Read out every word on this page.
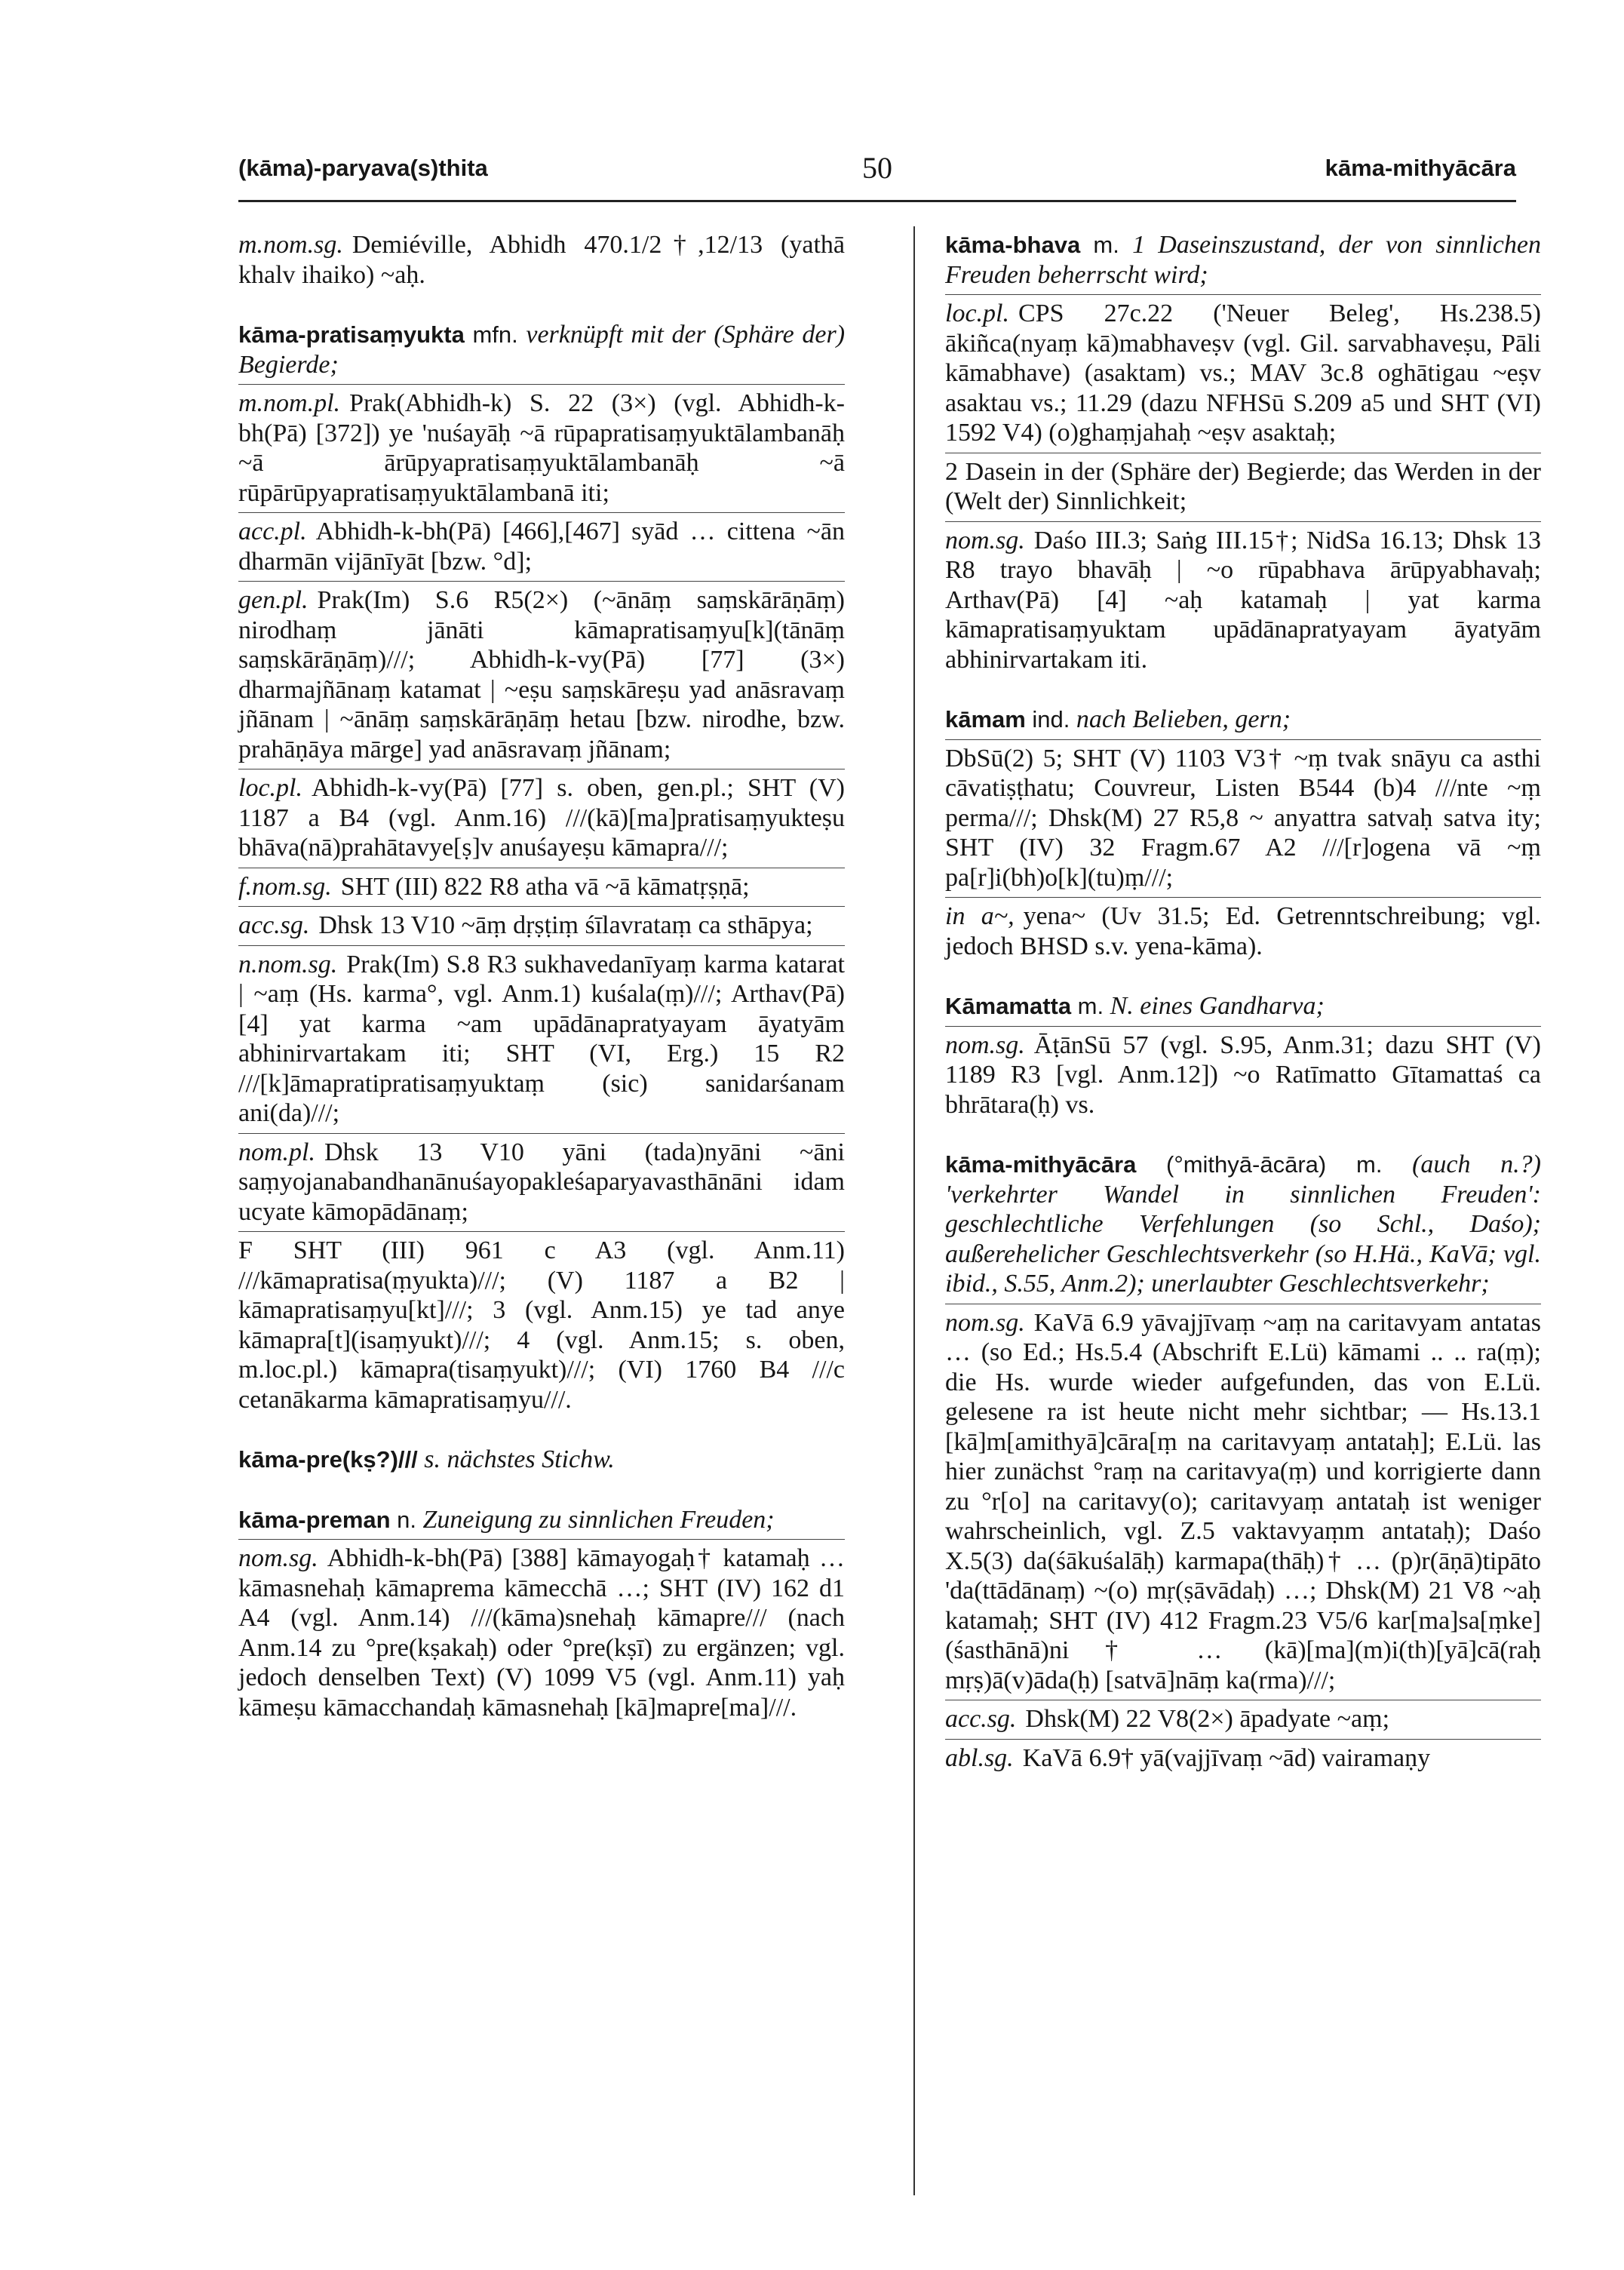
(kāma)-paryava(s)thita	50	kāma-mithyācāra

m.nom.sg. Demiéville, Abhidh 470.1/2†,12/13 (yathā khalv ihaiko) ~aḥ.

kāma-pratisaṃyukta mfn. verknüpft mit der (Sphäre der) Begierde;

m.nom.pl. Prak(Abhidh-k) S. 22 (3×) (vgl. Abhidh-k-bh(Pā) [372]) ye 'nuśayāḥ ~ā rūpapratisaṃyuktālambanāḥ ~ā ārūpyapratisaṃyuktālambanāḥ ~ā rūpārūpyapratisaṃyuktālambanā iti;

acc.pl. Abhidh-k-bh(Pā) [466],[467] syād … cittena ~ān dharmān vijānīyāt [bzw. °d];

gen.pl. Prak(Im) S.6 R5(2×) (~ānāṃ saṃskārāṇāṃ) nirodhaṃ jānāti kāmapratisaṃyu[k](tānāṃ saṃskārāṇāṃ)///; Abhidh-k-vy(Pā) [77] (3×) dharmajñānaṃ katamat | ~eṣu saṃskāreṣu yad anāsravaṃ jñānam | ~ānāṃ saṃskārāṇāṃ hetau [bzw. nirodhe, bzw. prahāṇāya mārge] yad anāsravaṃ jñānam;

loc.pl. Abhidh-k-vy(Pā) [77] s. oben, gen.pl.; SHT (V) 1187 a B4 (vgl. Anm.16) ///(kā)[ma]pratisaṃyukteṣu bhāva(nā)prahātavye[ṣ]v anuśayeṣu kāmapra///;

f.nom.sg. SHT (III) 822 R8 atha vā ~ā kāmatṛṣṇā;

acc.sg. Dhsk 13 V10 ~āṃ dṛṣṭiṃ śīlavrataṃ ca sthāpya;

n.nom.sg. Prak(Im) S.8 R3 sukhavedanīyaṃ karma katarat | ~aṃ (Hs. karma°, vgl. Anm.1) kuśala(ṃ)///; Arthav(Pā) [4] yat karma ~am upādānapratyayam āyatyām abhinirvartakam iti; SHT (VI, Erg.) 15 R2 ///[k]āmapratipratisaṃyuktaṃ (sic) sanidarśanam ani(da)///;

nom.pl. Dhsk 13 V10 yāni (tada)nyāni ~āni saṃyojanabandhanānuśayopakleśaparyavasthānāni idam ucyate kāmopādānaṃ;

F SHT (III) 961 c A3 (vgl. Anm.11) ///kāmapratisa(ṃyukta)///; (V) 1187 a B2 | kāmapratisaṃyu[kt]///; 3 (vgl. Anm.15) ye tad anye kāmapra[t](isaṃyukt)///; 4 (vgl. Anm.15; s. oben, m.loc.pl.) kāmapra(tisaṃyukt)///; (VI) 1760 B4 ///c cetanākarma kāmapratisaṃyu///.

kāma-pre(kṣ?)/// s. nächstes Stichw.

kāma-preman n. Zuneigung zu sinnlichen Freuden;

nom.sg. Abhidh-k-bh(Pā) [388] kāmayogaḥ† katamaḥ … kāmasnehaḥ kāmaprema kāmecchā …; SHT (IV) 162 d1 A4 (vgl. Anm.14) ///(kāma)snehaḥ kāmapre/// (nach Anm.14 zu °pre(kṣakaḥ) oder °pre(kṣī) zu ergänzen; vgl. jedoch denselben Text) (V) 1099 V5 (vgl. Anm.11) yaḥ kāmeṣu kāmacchandaḥ kāmasnehaḥ [kā]mapre[ma]///.

kāma-bhava m. 1 Daseinszustand, der von sinnlichen Freuden beherrscht wird;

loc.pl. CPS 27c.22 ('Neuer Beleg', Hs.238.5) ākiñca(nyaṃ kā)mabhaveṣv (vgl. Gil. sarvabhaveṣu, Pāli kāmabhave) (asaktam) vs.; MAV 3c.8 oghātigau ~eṣv asaktau vs.; 11.29 (dazu NFHSū S.209 a5 und SHT (VI) 1592 V4) (o)ghaṃjahaḥ ~eṣv asaktaḥ;

2 Dasein in der (Sphäre der) Begierde; das Werden in der (Welt der) Sinnlichkeit;

nom.sg. Daśo III.3; Saṅg III.15†; NidSa 16.13; Dhsk 13 R8 trayo bhavāḥ | ~o rūpabhava ārūpyabhavaḥ; Arthav(Pā) [4] ~aḥ katamaḥ | yat karma kāmapratisaṃyuktam upādānapratyayam āyatyām abhinirvartakam iti.

kāmam ind. nach Belieben, gern;

DbSū(2) 5; SHT (V) 1103 V3† ~ṃ tvak snāyu ca asthi cāvatiṣṭhatu; Couvreur, Listen B544 (b)4 ///nte ~ṃ perma///; Dhsk(M) 27 R5,8 ~ anyattra satvaḥ satva ity; SHT (IV) 32 Fragm.67 A2 ///[r]ogena vā ~ṃ pa[r]i(bh)o[k](tu)ṃ///;

in a~, yena~ (Uv 31.5; Ed. Getrenntschreibung; vgl. jedoch BHSD s.v. yena-kāma).

Kāmamatta m. N. eines Gandharva;

nom.sg. ĀṭānSū 57 (vgl. S.95, Anm.31; dazu SHT (V) 1189 R3 [vgl. Anm.12]) ~o Ratīmatto Gītamattaś ca bhrātara(ḥ) vs.

kāma-mithyācāra (°mithyā-ācāra) m. (auch n.?) 'verkehrter Wandel in sinnlichen Freuden': geschlechtliche Verfehlungen (so Schl., Daśo); außerehelicher Geschlechtsverkehr (so H.Hä., KaVā; vgl. ibid., S.55, Anm.2); unerlaubter Geschlechtsverkehr;

nom.sg. KaVā 6.9 yāvajjīvaṃ ~aṃ na caritavyam antatas … (so Ed.; Hs.5.4 (Abschrift E.Lü) kāmami .. .. ra(ṃ); die Hs. wurde wieder aufgefunden, das von E.Lü. gelesene ra ist heute nicht mehr sichtbar; — Hs.13.1 [kā]m[amithyā]cāra[ṃ na caritavyaṃ antataḥ]; E.Lü. las hier zunächst °raṃ na caritavya(ṃ) und korrigierte dann zu °r[o] na caritavy(o); caritavyaṃ antataḥ ist weniger wahrscheinlich, vgl. Z.5 vaktavyaṃm antataḥ); Daśo X.5(3) da(śākuśalāḥ) karmapa(thāḥ)† … (p)r(āṇā)tipāto 'da(ttādānaṃ) ~(o) mṛ(ṣāvādaḥ) …; Dhsk(M) 21 V8 ~aḥ katamaḥ; SHT (IV) 412 Fragm.23 V5/6 kar[ma]sa[ṃke](śasthānā)ni† … (kā)[ma](m)i(th)[yā]cā(raḥ mṛṣ)ā(v)āda(ḥ) [satvā]nāṃ ka(rma)///;

acc.sg. Dhsk(M) 22 V8(2×) āpadyate ~aṃ;

abl.sg. KaVā 6.9† yā(vajjīvaṃ ~ād) vairamaṇy
